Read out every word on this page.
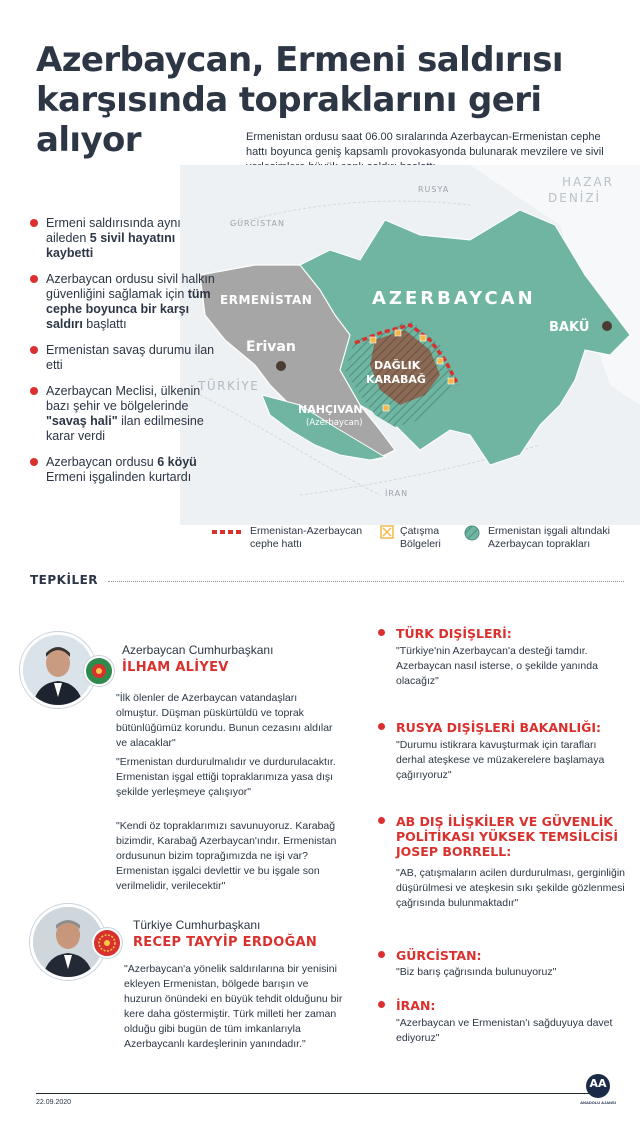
Azerbaycan, Ermeni saldırısı karşısında topraklarını geri alıyor	Ermenistan ordusu saat 06.00 sıralarında Azerbaycan-Ermenistan cephe hattı boyunca geniş kapsamlı provokasyonda bulunarak mevzilere ve sivil
RUSYA
HAZAR
DENİZİ
GÜRCİSTAN
ERMENİSTAN	AZERBAYCAN
BAKÜ
Erivan
DAĞLIK
KARABAĞ
TÜRKİYE
NAHÇIVAN
(Azerbaycan)
İRAN
Ermeni saldırısında aynı aileden 5 sivil hayatını kaybetti
Azerbaycan ordusu sivil halkın güvenliğini sağlamak için tüm cephe boyunca bir karşı saldırı başlattı
Ermenistan savaş durumu ilan etti
Azerbaycan Meclisi, ülkenin bazı şehir ve bölgelerinde "savaş hali" ilan edilmesine karar verdi
Azerbaycan ordusu 6 köyü Ermeni işgalinden kurtardı
Ermenistan-Azerbaycan cephe hattı
Çatışma Bölgeleri
Ermenistan işgali altındaki Azerbaycan toprakları
TEPKİLER
Azerbaycan Cumhurbaşkanı
İLHAM ALİYEV
"İlk ölenler de Azerbaycan vatandaşları olmuştur. Düşman püskürtüldü ve toprak bütünlüğümüz korundu. Bunun cezasını aldılar ve alacaklar"
"Ermenistan durdurulmalıdır ve durdurulacaktır. Ermenistan işgal ettiği topraklarımıza yasa dışı şekilde yerleşmeye çalışıyor"
"Kendi öz topraklarımızı savunuyoruz. Karabağ bizimdir, Karabağ Azerbaycan'ındır. Ermenistan ordusunun bizim toprağımızda ne işi var? Ermenistan işgalci devlettir ve bu işgale son verilmelidir, verilecektir"
Türkiye Cumhurbaşkanı
RECEP TAYYİP ERDOĞAN
"Azerbaycan'a yönelik saldırılarına bir yenisini ekleyen Ermenistan, bölgede barışın ve huzurun önündeki en büyük tehdit olduğunu bir kere daha göstermiştir. Türk milleti her zaman olduğu gibi bugün de tüm imkanlarıyla Azerbaycanlı kardeşlerinin yanındadır."
TÜRK DIŞİŞLERİ:
"Türkiye'nin Azerbaycan'a desteği tamdır. Azerbaycan nasıl isterse, o şekilde yanında olacağız"
RUSYA DIŞİŞLERİ BAKANLIĞI:
"Durumu istikrara kavuşturmak için tarafları derhal ateşkese ve müzakerelere başlamaya çağırıyoruz"
AB DIŞ İLİŞKİLER VE GÜVENLİK POLİTİKASI YÜKSEK TEMSİLCİSİ JOSEP BORRELL:
"AB, çatışmaların acilen durdurulması, gerginliğin düşürülmesi ve ateşkesin sıkı şekilde gözlenmesi çağrısında bulunmaktadır"
GÜRCİSTAN:
"Biz barış çağrısında bulunuyoruz"
İRAN:
"Azerbaycan ve Ermenistan'ı sağduyuya davet ediyoruz"
22.09.2020
AA
ANADOLU AJANSI
